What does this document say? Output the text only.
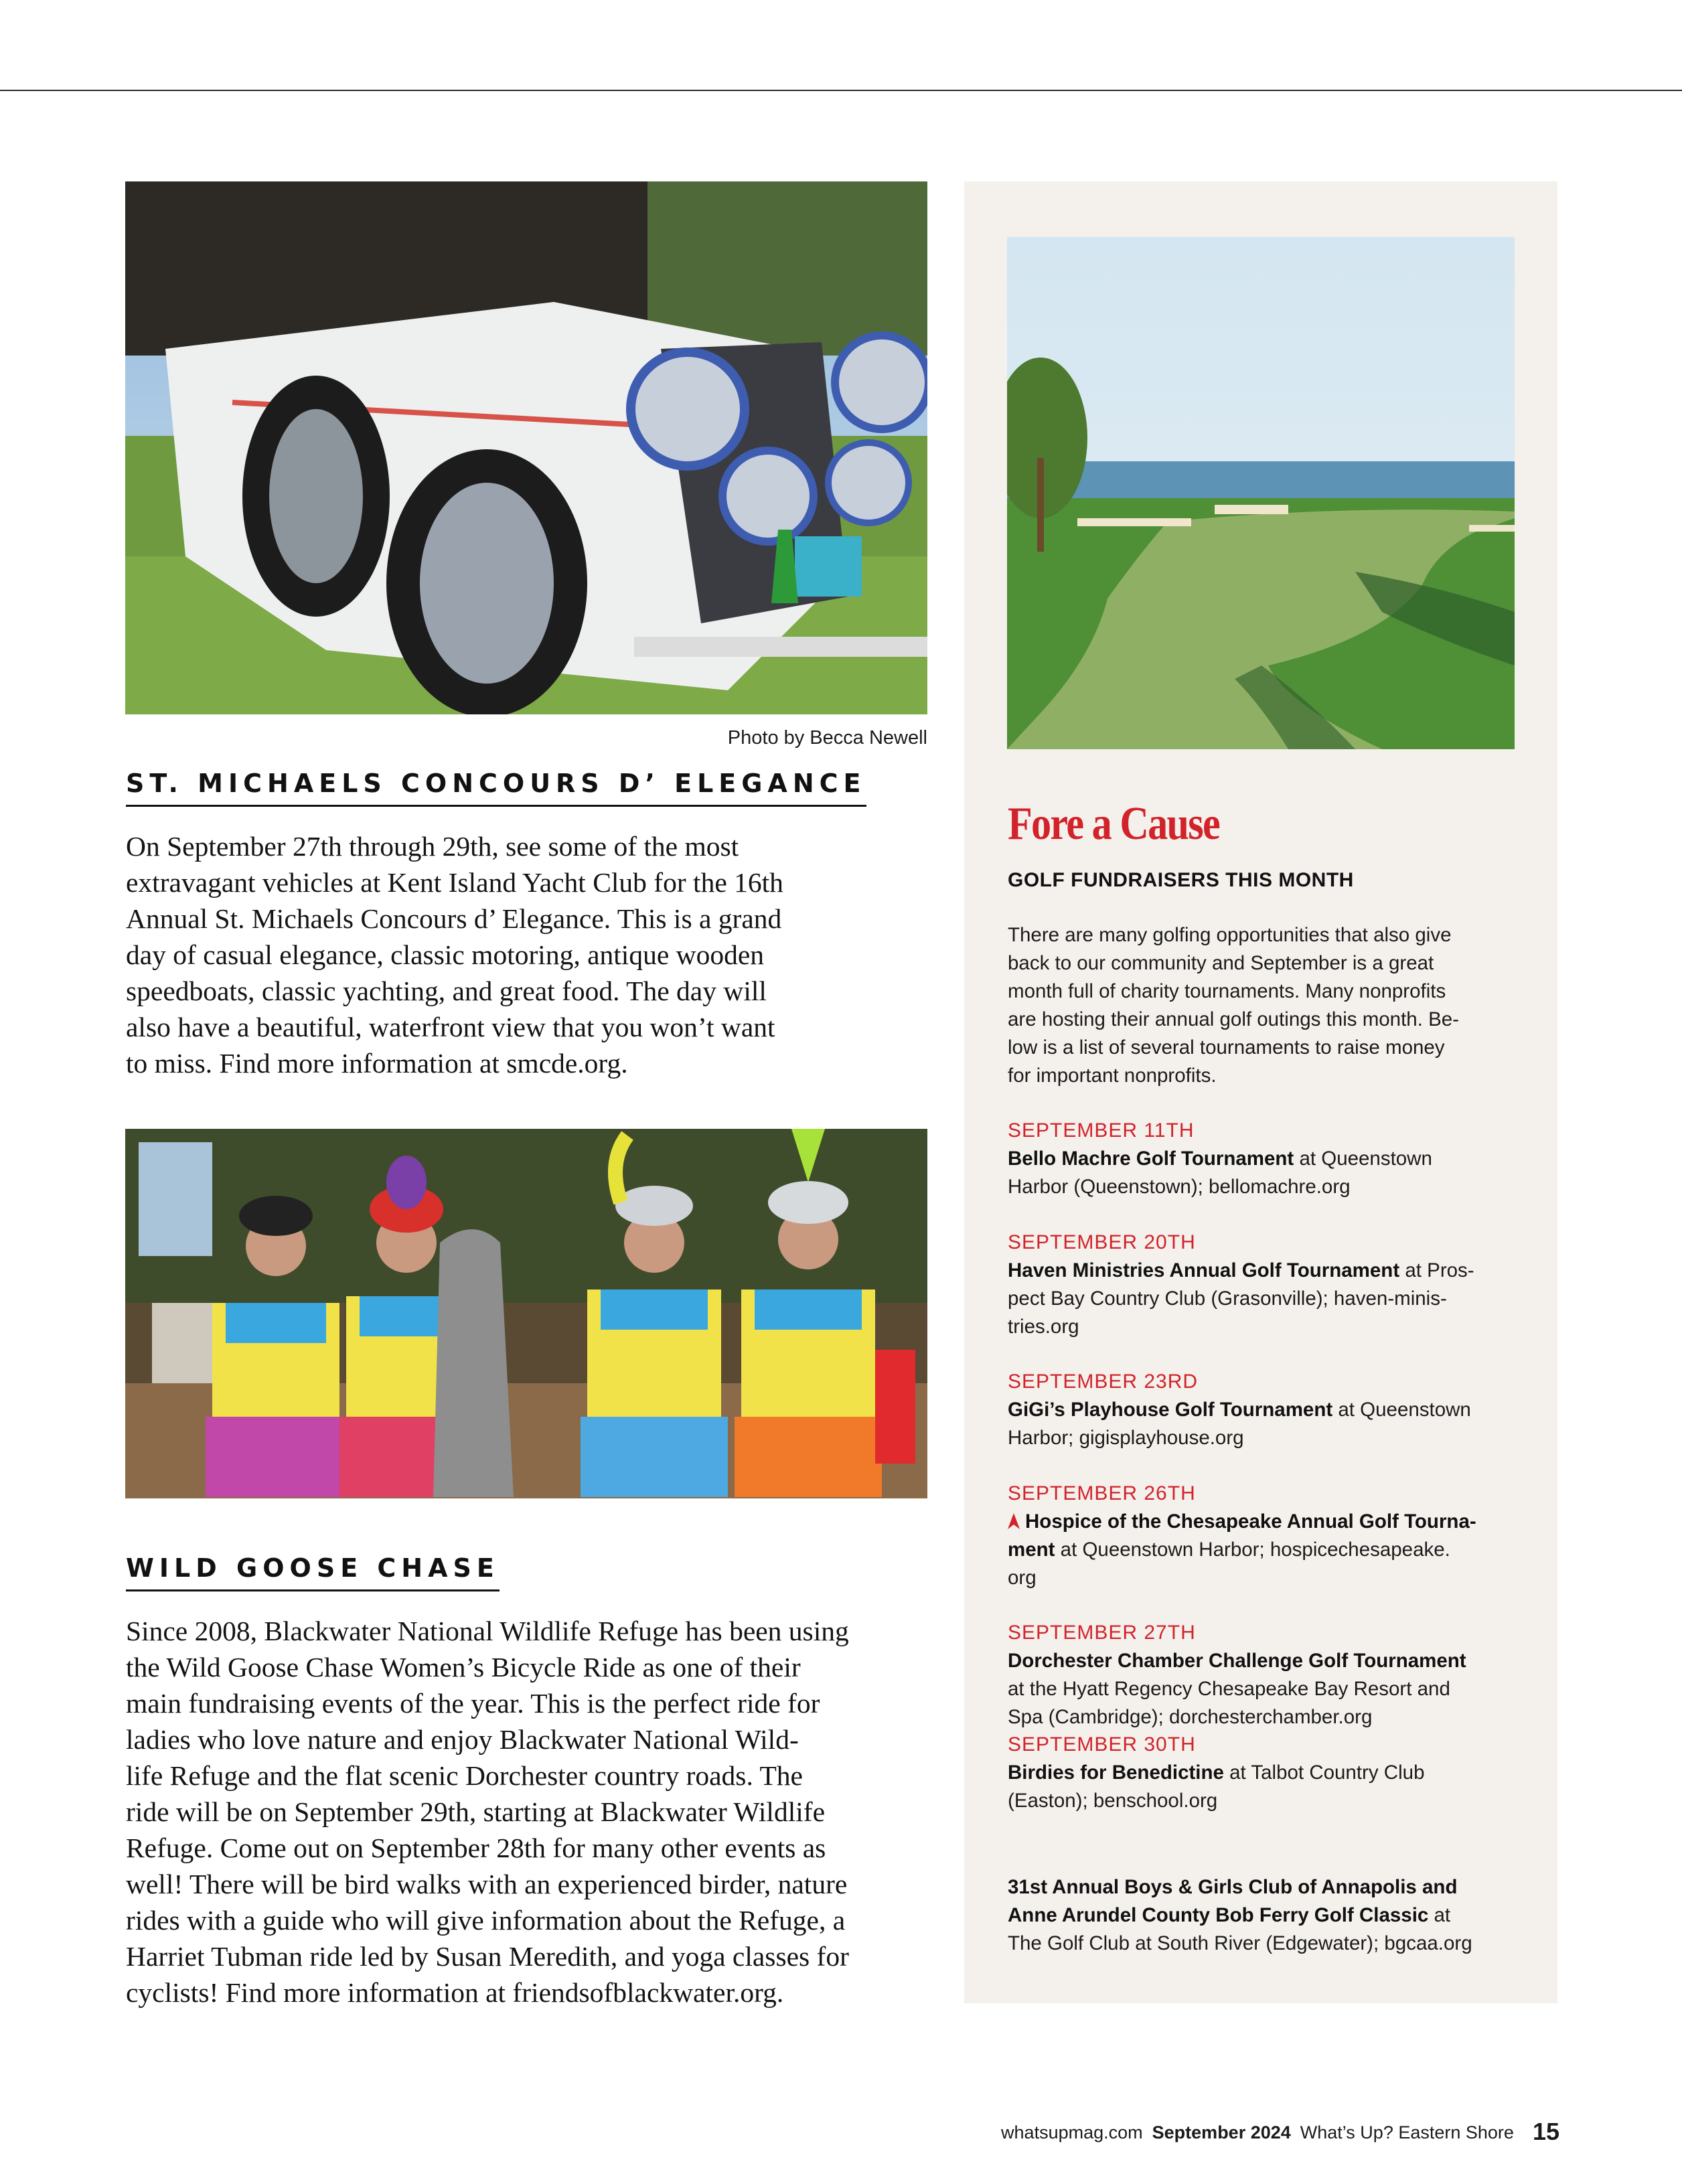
Photo by Becca Newell
ST. MICHAELS CONCOURS D’ ELEGANCE
On September 27th through 29th, see some of the most
extravagant vehicles at Kent Island Yacht Club for the 16th
Annual St. Michaels Concours d’ Elegance. This is a grand
day of casual elegance, classic motoring, antique wooden
speedboats, classic yachting, and great food. The day will
also have a beautiful, waterfront view that you won’t want
to miss. Find more information at smcde.org.
WILD GOOSE CHASE
Since 2008, Blackwater National Wildlife Refuge has been using
the Wild Goose Chase Women’s Bicycle Ride as one of their
main fundraising events of the year. This is the perfect ride for
ladies who love nature and enjoy Blackwater National Wild-
life Refuge and the flat scenic Dorchester country roads. The
ride will be on September 29th, starting at Blackwater Wildlife
Refuge. Come out on September 28th for many other events as
well! There will be bird walks with an experienced birder, nature
rides with a guide who will give information about the Refuge, a
Harriet Tubman ride led by Susan Meredith, and yoga classes for
cyclists! Find more information at friendsofblackwater.org.
Fore a Cause
GOLF FUNDRAISERS THIS MONTH
There are many golfing opportunities that also give
back to our community and September is a great
month full of charity tournaments. Many nonprofits
are hosting their annual golf outings this month. Be-
low is a list of several tournaments to raise money
for important nonprofits.
SEPTEMBER 11TH
Bello Machre Golf Tournament at Queenstown
Harbor (Queenstown); bellomachre.org
SEPTEMBER 20TH
Haven Ministries Annual Golf Tournament at Pros-
pect Bay Country Club (Grasonville); haven-minis-
tries.org
SEPTEMBER 23RD
GiGi’s Playhouse Golf Tournament at Queenstown
Harbor; gigisplayhouse.org
SEPTEMBER 26TH
Hospice of the Chesapeake Annual Golf Tourna-
ment at Queenstown Harbor; hospicechesapeake.
org
SEPTEMBER 27TH
Dorchester Chamber Challenge Golf Tournament
at the Hyatt Regency Chesapeake Bay Resort and
Spa (Cambridge); dorchesterchamber.org
SEPTEMBER 30TH
Birdies for Benedictine at Talbot Country Club
(Easton); benschool.org
31st Annual Boys & Girls Club of Annapolis and
Anne Arundel County Bob Ferry Golf Classic at
The Golf Club at South River (Edgewater); bgcaa.org
whatsupmag.com September 2024 What’s Up? Eastern Shore 15
